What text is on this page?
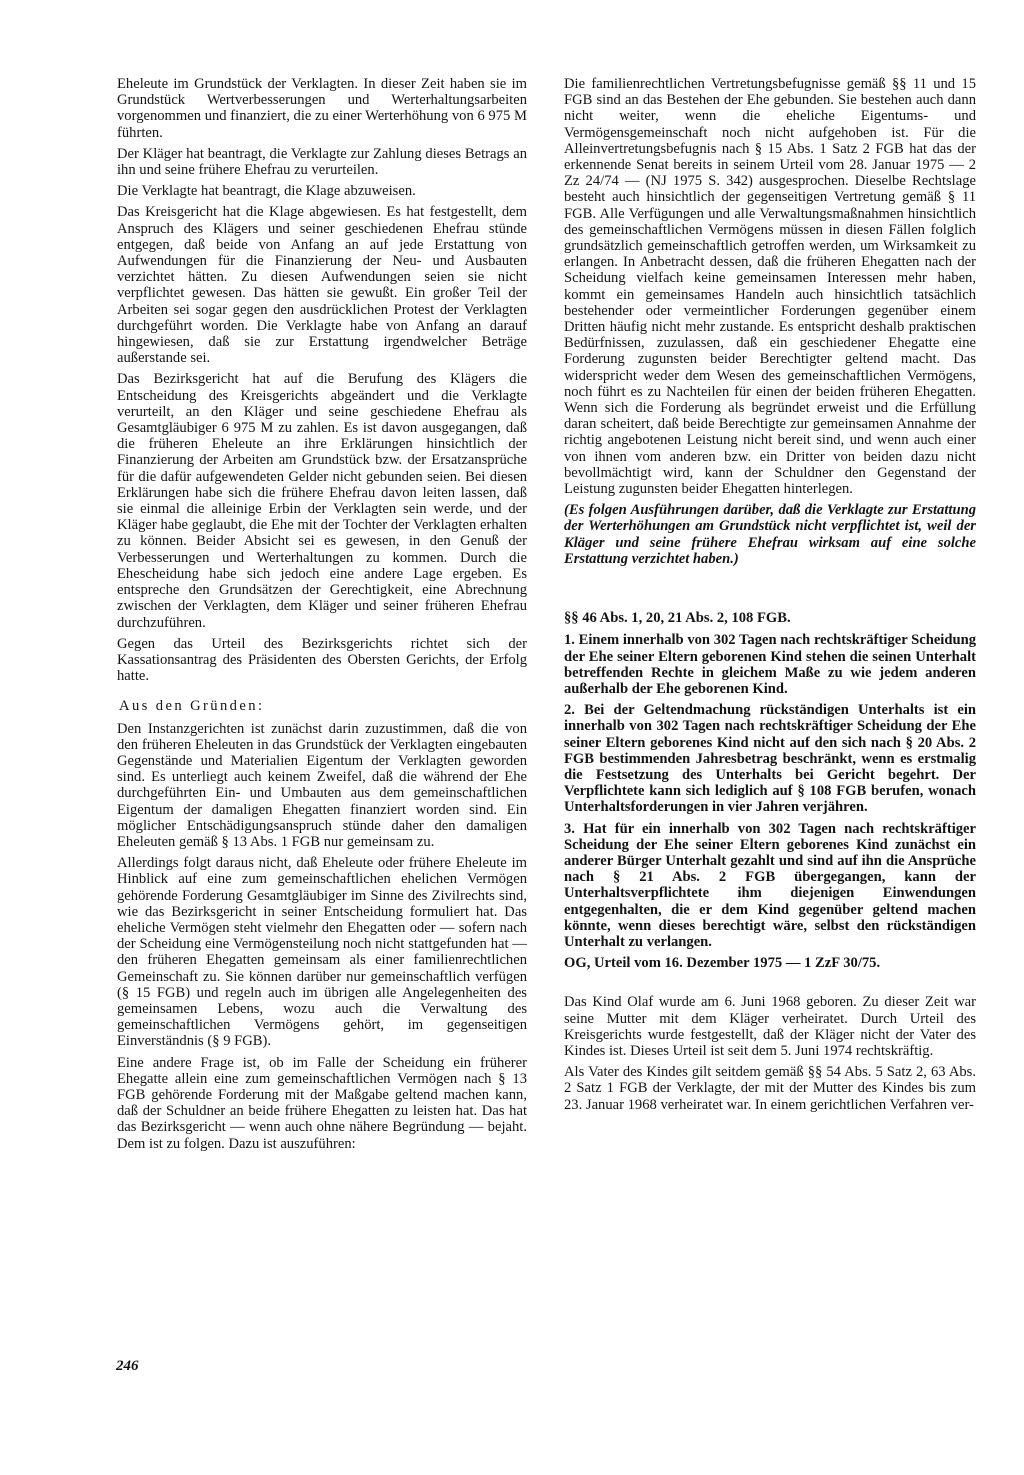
Eheleute im Grundstück der Verklagten. In dieser Zeit haben sie im Grundstück Wertverbesserungen und Werterhaltungsarbeiten vorgenommen und finanziert, die zu einer Werterhöhung von 6 975 M führten.

Der Kläger hat beantragt, die Verklagte zur Zahlung dieses Betrags an ihn und seine frühere Ehefrau zu verurteilen.

Die Verklagte hat beantragt, die Klage abzuweisen.

Das Kreisgericht hat die Klage abgewiesen. Es hat festgestellt, dem Anspruch des Klägers und seiner geschiedenen Ehefrau stünde entgegen, daß beide von Anfang an auf jede Erstattung von Aufwendungen für die Finanzierung der Neu- und Ausbauten verzichtet hätten. Zu diesen Aufwendungen seien sie nicht verpflichtet gewesen. Das hätten sie gewußt. Ein großer Teil der Arbeiten sei sogar gegen den ausdrücklichen Protest der Verklagten durchgeführt worden. Die Verklagte habe von Anfang an darauf hingewiesen, daß sie zur Erstattung irgendwelcher Beträge außerstande sei.

Das Bezirksgericht hat auf die Berufung des Klägers die Entscheidung des Kreisgerichts abgeändert und die Verklagte verurteilt, an den Kläger und seine geschiedene Ehefrau als Gesamtgläubiger 6 975 M zu zahlen. Es ist davon ausgegangen, daß die früheren Eheleute an ihre Erklärungen hinsichtlich der Finanzierung der Arbeiten am Grundstück bzw. der Ersatzansprüche für die dafür aufgewendeten Gelder nicht gebunden seien. Bei diesen Erklärungen habe sich die frühere Ehefrau davon leiten lassen, daß sie einmal die alleinige Erbin der Verklagten sein werde, und der Kläger habe geglaubt, die Ehe mit der Tochter der Verklagten erhalten zu können. Beider Absicht sei es gewesen, in den Genuß der Verbesserungen und Werterhaltungen zu kommen. Durch die Ehescheidung habe sich jedoch eine andere Lage ergeben. Es entspreche den Grundsätzen der Gerechtigkeit, eine Abrechnung zwischen der Verklagten, dem Kläger und seiner früheren Ehefrau durchzuführen.

Gegen das Urteil des Bezirksgerichts richtet sich der Kassationsantrag des Präsidenten des Obersten Gerichts, der Erfolg hatte.

Aus den Gründen:

Den Instanzgerichten ist zunächst darin zuzustimmen, daß die von den früheren Eheleuten in das Grundstück der Verklagten eingebauten Gegenstände und Materialien Eigentum der Verklagten geworden sind. Es unterliegt auch keinem Zweifel, daß die während der Ehe durchgeführten Ein- und Umbauten aus dem gemeinschaftlichen Eigentum der damaligen Ehegatten finanziert worden sind. Ein möglicher Entschädigungsanspruch stünde daher den damaligen Eheleuten gemäß § 13 Abs. 1 FGB nur gemeinsam zu.

Allerdings folgt daraus nicht, daß Eheleute oder frühere Eheleute im Hinblick auf eine zum gemeinschaftlichen ehelichen Vermögen gehörende Forderung Gesamtgläubiger im Sinne des Zivilrechts sind, wie das Bezirksgericht in seiner Entscheidung formuliert hat. Das eheliche Vermögen steht vielmehr den Ehegatten oder — sofern nach der Scheidung eine Vermögensteilung noch nicht stattgefunden hat — den früheren Ehegatten gemeinsam als einer familienrechtlichen Gemeinschaft zu. Sie können darüber nur gemeinschaftlich verfügen (§ 15 FGB) und regeln auch im übrigen alle Angelegenheiten des gemeinsamen Lebens, wozu auch die Verwaltung des gemeinschaftlichen Vermögens gehört, im gegenseitigen Einverständnis (§ 9 FGB).

Eine andere Frage ist, ob im Falle der Scheidung ein früherer Ehegatte allein eine zum gemeinschaftlichen Vermögen nach § 13 FGB gehörende Forderung mit der Maßgabe geltend machen kann, daß der Schuldner an beide frühere Ehegatten zu leisten hat. Das hat das Bezirksgericht — wenn auch ohne nähere Begründung — bejaht. Dem ist zu folgen. Dazu ist auszuführen:

Die familienrechtlichen Vertretungsbefugnisse gemäß §§ 11 und 15 FGB sind an das Bestehen der Ehe gebunden. Sie bestehen auch dann nicht weiter, wenn die eheliche Eigentums- und Vermögensgemeinschaft noch nicht aufgehoben ist. Für die Alleinvertretungsbefugnis nach § 15 Abs. 1 Satz 2 FGB hat das der erkennende Senat bereits in seinem Urteil vom 28. Januar 1975 — 2 Zz 24/74 — (NJ 1975 S. 342) ausgesprochen. Dieselbe Rechtslage besteht auch hinsichtlich der gegenseitigen Vertretung gemäß § 11 FGB. Alle Verfügungen und alle Verwaltungsmaßnahmen hinsichtlich des gemeinschaftlichen Vermögens müssen in diesen Fällen folglich grundsätzlich gemeinschaftlich getroffen werden, um Wirksamkeit zu erlangen. In Anbetracht dessen, daß die früheren Ehegatten nach der Scheidung vielfach keine gemeinsamen Interessen mehr haben, kommt ein gemeinsames Handeln auch hinsichtlich tatsächlich bestehender oder vermeintlicher Forderungen gegenüber einem Dritten häufig nicht mehr zustande. Es entspricht deshalb praktischen Bedürfnissen, zuzulassen, daß ein geschiedener Ehegatte eine Forderung zugunsten beider Berechtigter geltend macht. Das widerspricht weder dem Wesen des gemeinschaftlichen Vermögens, noch führt es zu Nachteilen für einen der beiden früheren Ehegatten. Wenn sich die Forderung als begründet erweist und die Erfüllung daran scheitert, daß beide Berechtigte zur gemeinsamen Annahme der richtig angebotenen Leistung nicht bereit sind, und wenn auch einer von ihnen vom anderen bzw. ein Dritter von beiden dazu nicht bevollmächtigt wird, kann der Schuldner den Gegenstand der Leistung zugunsten beider Ehegatten hinterlegen.

(Es folgen Ausführungen darüber, daß die Verklagte zur Erstattung der Werterhöhungen am Grundstück nicht verpflichtet ist, weil der Kläger und seine frühere Ehefrau wirksam auf eine solche Erstattung verzichtet haben.)

§§ 46 Abs. 1, 20, 21 Abs. 2, 108 FGB.

1. Einem innerhalb von 302 Tagen nach rechtskräftiger Scheidung der Ehe seiner Eltern geborenen Kind stehen die seinen Unterhalt betreffenden Rechte in gleichem Maße zu wie jedem anderen außerhalb der Ehe geborenen Kind.

2. Bei der Geltendmachung rückständigen Unterhalts ist ein innerhalb von 302 Tagen nach rechtskräftiger Scheidung der Ehe seiner Eltern geborenes Kind nicht auf den sich nach § 20 Abs. 2 FGB bestimmenden Jahresbetrag beschränkt, wenn es erstmalig die Festsetzung des Unterhalts bei Gericht begehrt. Der Verpflichtete kann sich lediglich auf § 108 FGB berufen, wonach Unterhaltsforderungen in vier Jahren verjähren.

3. Hat für ein innerhalb von 302 Tagen nach rechtskräftiger Scheidung der Ehe seiner Eltern geborenes Kind zunächst ein anderer Bürger Unterhalt gezahlt und sind auf ihn die Ansprüche nach § 21 Abs. 2 FGB übergegangen, kann der Unterhaltsverpflichtete ihm diejenigen Einwendungen entgegenhalten, die er dem Kind gegenüber geltend machen könnte, wenn dieses berechtigt wäre, selbst den rückständigen Unterhalt zu verlangen.

OG, Urteil vom 16. Dezember 1975 — 1 ZzF 30/75.

Das Kind Olaf wurde am 6. Juni 1968 geboren. Zu dieser Zeit war seine Mutter mit dem Kläger verheiratet. Durch Urteil des Kreisgerichts wurde festgestellt, daß der Kläger nicht der Vater des Kindes ist. Dieses Urteil ist seit dem 5. Juni 1974 rechtskräftig.

Als Vater des Kindes gilt seitdem gemäß §§ 54 Abs. 5 Satz 2, 63 Abs. 2 Satz 1 FGB der Verklagte, der mit der Mutter des Kindes bis zum 23. Januar 1968 verheiratet war. In einem gerichtlichen Verfahren ver-

246
